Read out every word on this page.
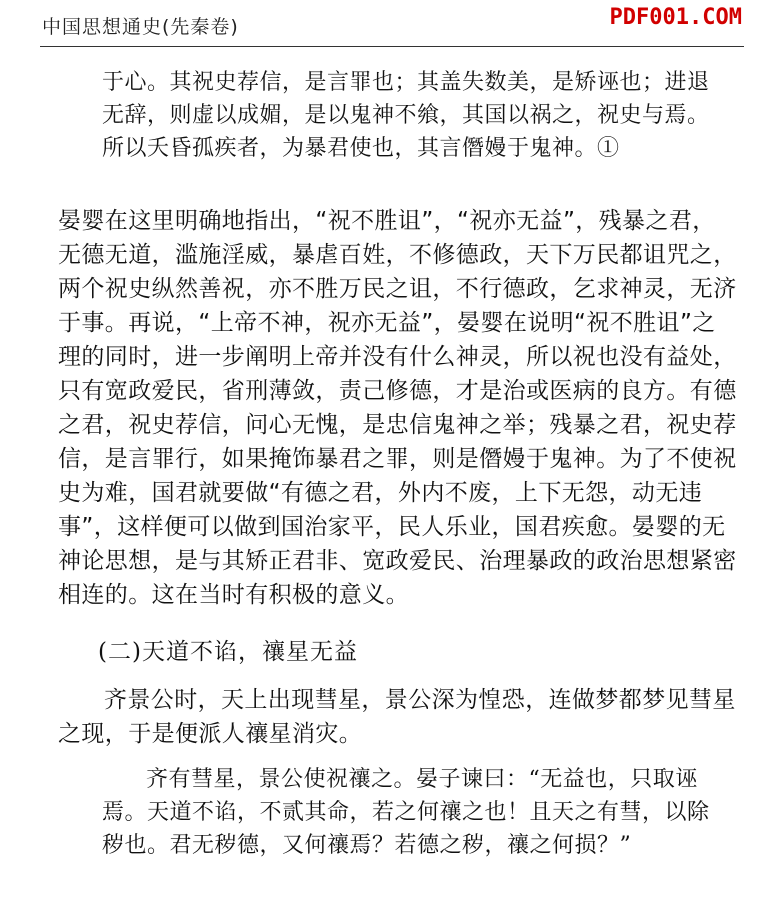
中国思想通史(先秦卷)	PDF001.COM
于心。其祝史荐信，是言罪也；其盖失数美，是矫诬也；进退
无辞，则虚以成媚，是以鬼神不飨，其国以祸之，祝史与焉。
所以夭昏孤疾者，为暴君使也，其言僭嫚于鬼神。①
晏婴在这里明确地指出，“祝不胜诅”，“祝亦无益”，残暴之君，
无德无道，滥施淫威，暴虐百姓，不修德政，天下万民都诅咒之，
两个祝史纵然善祝，亦不胜万民之诅，不行德政，乞求神灵，无济
于事。再说，“上帝不神，祝亦无益”，晏婴在说明“祝不胜诅”之
理的同时，进一步阐明上帝并没有什么神灵，所以祝也没有益处，
只有宽政爱民，省刑薄敛，责己修德，才是治或医病的良方。有德
之君，祝史荐信，问心无愧，是忠信鬼神之举；残暴之君，祝史荐
信，是言罪行，如果掩饰暴君之罪，则是僭嫚于鬼神。为了不使祝
史为难，国君就要做“有德之君，外内不废，上下无怨，动无违
事”，这样便可以做到国治家平，民人乐业，国君疾愈。晏婴的无
神论思想，是与其矫正君非、宽政爱民、治理暴政的政治思想紧密
相连的。这在当时有积极的意义。
(二)天道不谄，禳星无益
齐景公时，天上出现彗星，景公深为惶恐，连做梦都梦见彗星
之现，于是便派人禳星消灾。
齐有彗星，景公使祝禳之。晏子谏曰：“无益也，只取诬
焉。天道不谄，不贰其命，若之何禳之也！且天之有彗，以除
秽也。君无秽德，又何禳焉？若德之秽，禳之何损？”
